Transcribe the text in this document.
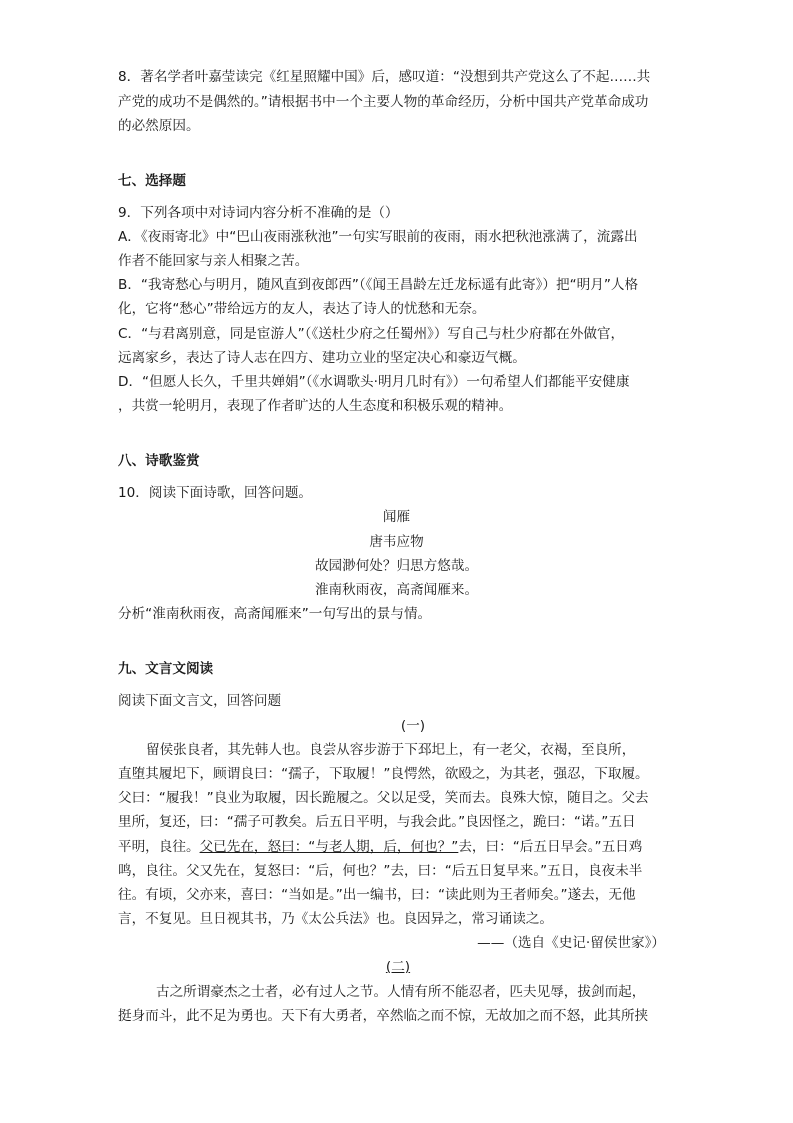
8．著名学者叶嘉莹读完《红星照耀中国》后，感叹道：“没想到共产党这么了不起……共
产党的成功不是偶然的。”请根据书中一个主要人物的革命经历，分析中国共产党革命成功
的必然原因。
七、选择题
9．下列各项中对诗词内容分析不准确的是（）
A．《夜雨寄北》中“巴山夜雨涨秋池”一句实写眼前的夜雨，雨水把秋池涨满了，流露出
作者不能回家与亲人相聚之苦。
B．“我寄愁心与明月，随风直到夜郎西”（《闻王昌龄左迁龙标遥有此寄》）把“明月”人格
化，它将“愁心”带给远方的友人，表达了诗人的忧愁和无奈。
C．“与君离别意，同是宦游人”（《送杜少府之任蜀州》）写自己与杜少府都在外做官，
远离家乡，表达了诗人志在四方、建功立业的坚定决心和豪迈气概。
D．“但愿人长久，千里共婵娟”（《水调歌头·明月几时有》）一句希望人们都能平安健康
，共赏一轮明月，表现了作者旷达的人生态度和积极乐观的精神。
八、诗歌鉴赏
10．阅读下面诗歌，回答问题。
闻雁
唐韦应物
故园渺何处？归思方悠哉。
淮南秋雨夜，高斋闻雁来。
分析“淮南秋雨夜，高斋闻雁来”一句写出的景与情。
九、文言文阅读
阅读下面文言文，回答问题
(一)
留侯张良者，其先韩人也。良尝从容步游于下邳圯上，有一老父，衣褐，至良所，
直堕其履圯下，顾谓良曰：“孺子，下取履！”良愕然，欲殴之，为其老，强忍，下取履。
父曰：“履我！”良业为取履，因长跪履之。父以足受，笑而去。良殊大惊，随目之。父去
里所，复还，曰：“孺子可教矣。后五日平明，与我会此。”良因怪之，跪曰：“诺。”五日
平明，良往。父已先在，怒曰：“与老人期，后，何也？”去，曰：“后五日早会。”五日鸡
鸣，良往。父又先在，复怒曰：“后，何也？”去，曰：“后五日复早来。”五日，良夜未半
往。有顷，父亦来，喜曰：“当如是。”出一编书，曰：“读此则为王者师矣。”遂去，无他
言，不复见。旦日视其书，乃《太公兵法》也。良因异之，常习诵读之。
——（选自《史记·留侯世家》）
(二)
古之所谓豪杰之士者，必有过人之节。人情有所不能忍者，匹夫见辱，拔剑而起，
挺身而斗，此不足为勇也。天下有大勇者，卒然临之而不惊，无故加之而不怒，此其所挟
